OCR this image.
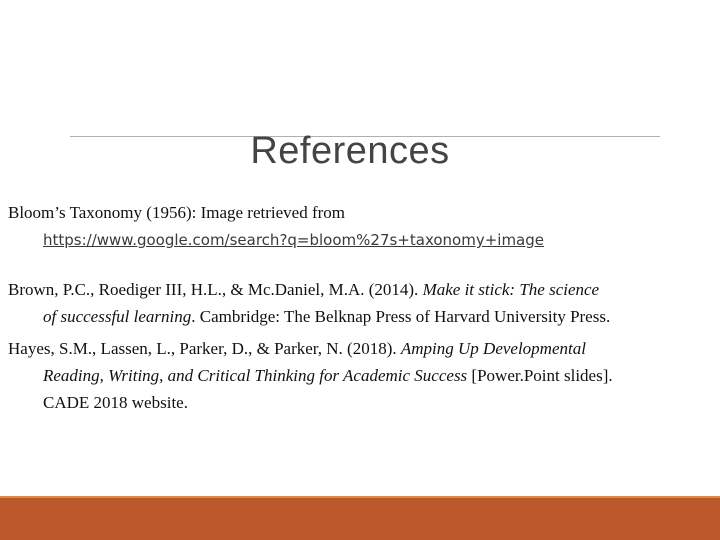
References

Bloom’s Taxonomy (1956): Image retrieved from
https://www.google.com/search?q=bloom%27s+taxonomy+image

Brown, P.C., Roediger III, H.L., & Mc.Daniel, M.A. (2014). Make it stick: The science
of successful learning. Cambridge: The Belknap Press of Harvard University Press.

Hayes, S.M., Lassen, L., Parker, D., & Parker, N. (2018). Amping Up Developmental
Reading, Writing, and Critical Thinking for Academic Success [Power.Point slides].
CADE 2018 website.
